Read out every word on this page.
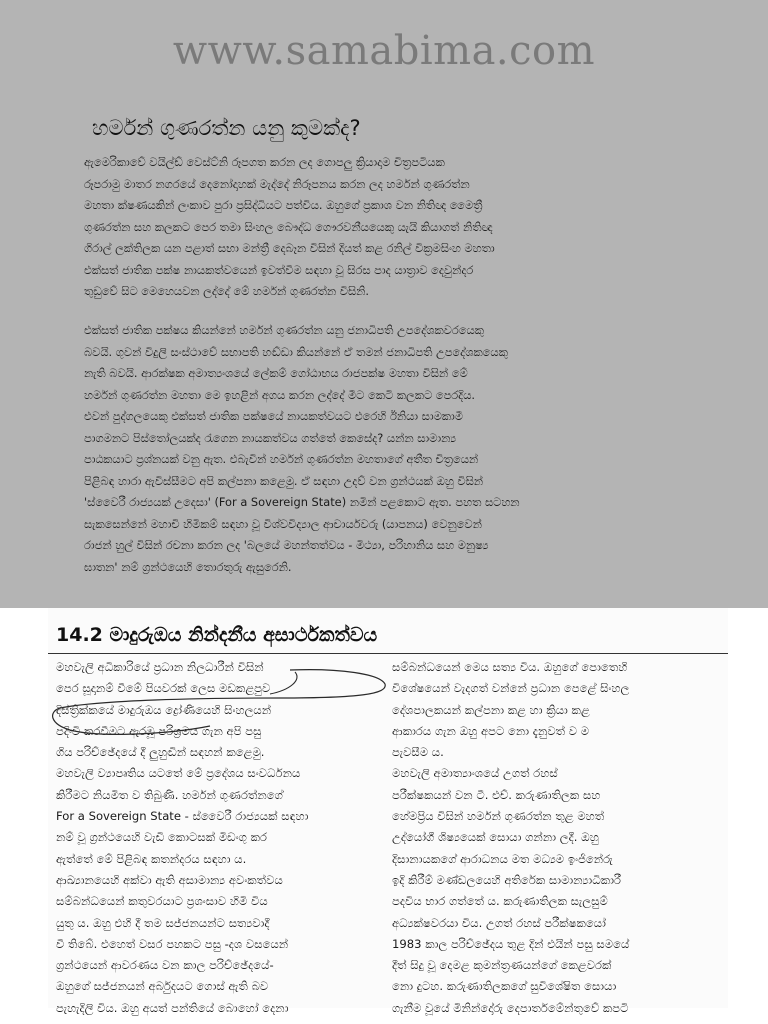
www.samabima.com
හර්මන් ගුණරත්න යනු කුමක්ද?

ඇමෙරිකාවේ වයිල්ඩ් වෙස්ට්නි රූපගත කරන ලද ගොපලු ක්‍රියාදාම චිත්‍රපටියක
රූපරාමු මාතර නගරයේ දෙනෝදාහක් මැද්දේ නිරූපනය කරන ලද හර්මන් ගුණරත්න
මහතා ක්ෂණයකින් ලංකාව පුරා ප්‍රසිද්ධියට පත්විය. ඔහුගේ ප්‍රකාශ වන නිතිඥ මෛත්‍රී
ගුණරත්න සහ කලකට පෙර තමා සිංහල බෞද්ධ ගෞරවනීයයෙකු යැයි කියාගත් නිතිඥ
ගිරාල් ලක්තිලක යන පළාත් සභා මන්ත්‍රී දෙබෑන විසින් දියත් කළ රනිල් වික්‍රමසිංහ මහතා
එක්සත් ජාතික පක්ෂ නායකත්වයෙන් ඉවත්වීම සඳහා වූ සිරස පාද යාත්‍රාව දෙවුන්දර
තුඩුවේ සිට මෙහෙයවන ලද්දේ මේ හර්මන් ගුණරත්න විසිනි.

එක්සත් ජාතික පක්ෂය කියන්නේ හර්මන් ගුණරත්න යනු ජනාධිපති උපදේශකවරයෙකු
බවයි. ගුවන් විදුලි සංස්ථාවේ සභාපති හඬ්ඩා කියන්නේ ඒ තමන් ජනාධිපති උපදේශකයෙකු
නැති බවයි. ආරක්ෂක අමාත්‍යංශයේ ලේකම් ගෝඨාභය රාජපක්ෂ මහතා විසින් මේ
හර්මන් ගුණරත්න මහතා මෙ ඉහළින් අගය කරන ලද්දේ මීට කෙටි කලකට පෙරදිය.
එවන් පුද්ගලයෙකු එක්සත් ජාතික පක්ෂයේ නායකත්වයට එරෙහි ඊනියා සාමකාමී
පාගමනට පිස්තෝලයක්ද රැගෙන නායකත්වය ගත්තේ කෙසේද? යන්න සාමාන්‍ය
පාඨකයාට ප්‍රශ්නයක් වනු ඇත. එබැවින් හර්මන් ගුණරත්න මහතාගේ අතීත චිත්‍රයෙන්
පිළිබඳ හාරා ඇවිස්සීමට අපි කල්පනා කළෙමු. ඒ සඳහා උදව් වන ග්‍රන්ථයක් ඔහු විසින්
'ස්වෛරී රාජ්‍යයක් උදෙසා' (For a Sovereign State) නමින් පළකොට ඇත. පහත සටහන
සැකසෙන්නේ මහාචි හිමිකම් සඳහා වූ විශ්වවිද්‍යාල ආචාර්යවරු (යාපනය) වෙනුවෙන්
රාජන් හුල් විසින් රචනා කරන ලද 'බලයේ මහන්තත්වය - මිථ්‍යා, පරිහානිය සහ මනුෂ්‍ය
ඝාතන' නම් ග්‍රන්ථයෙහි තොරතුරු ඇසුරෙනි.

14.2 මාදුරුඔය නින්දනීය අසාර්ථකත්වය

මහවැලි අධිකාරියේ ප්‍රධාන නිලධාරීන් විසින්
පෙර සූදානම් වීමේ පියවරක් ලෙස මඩකළපුව
දිස්ත්‍රික්කයේ මාදුරුඔය ද්‍රෝණියෙහි සිංහලයන්
පදිංචි කරවීමට ඇරඹූ පරිශ්‍රමය ගැන අපි පසු
ගිය පරිච්ඡේදයේ දී ලුහුඬින් සඳහන් කළෙමු.
මහවැලි ව්‍යාපෘතිය යටතේ මේ ප්‍රදේශය සංවර්ධනය
කිරීමට නියමිත ව තිබුණි. හර්මන් ගුණරත්නගේ
For a Sovereign State - ස්වෛරී රාජ්‍යයක් සඳහා
නම් වූ ග්‍රන්ථයෙහි වැඩි කොටසක් මිඩංගු කර
ඇත්තේ මේ පිළිබඳ කතන්දරය සඳහා ය.
ආඛ්‍යානයෙහි අක්වා ඇති අසාමාන්‍ය අවංකත්වය
සම්බන්ධයෙන් කතුවරයාට ප්‍රශංසාව හිමි විය
යුතු ය. ඔහු එහි දී තම සජ්ජනයන්ට සත්‍යවාදී
වී තිබේ. එහෙත් වසර පහකට පසු -දශ වසයෙන්
ග්‍රන්ථයෙන් ආවරණය වන කාල පරිච්ඡේදයේ-
ඔහුගේ සජ්ජනයන් අර්බුදයට ගොස් ඇති බව
පැහැදිලි විය. ඔහු අයත් පන්තියේ බොහෝ දෙනා

සම්බන්ධයෙන් මෙය සත්‍ය විය. ඔහුගේ පොතෙහි
විශේෂයෙන් වැදගත් වන්නේ ප්‍රධාන පෙළේ සිංහල
දේශපාලකයන් කල්පනා කළ හා ක්‍රියා කළ
ආකාරය ගැන ඔහු අපට නො දැනුවත් ව ම
පැවසීම ය.
මහවැලි අමාත්‍යාංශයේ උගත් රහස්
පරීක්ෂකයන් වන ටී. එච්. කරුණාතිලක සහ
හේමප්‍රිය විසින් හර්මන් ගුණරත්න තුළ මහත්
උද්යෝගී ශිෂ්‍යයෙක් සොයා ගන්නා ලදී. ඔහු
දිසානායකගේ ආරාධනය මත මධ්‍යම ඉංජිනේරු
ඉදි කිරීම් මණ්ඩලයෙහි අතිරේක සාමාන්‍යාධිකාරී
පදවිය භාර ගත්තේ ය. කරුණාතිලක සැලසුම්
අධ්‍යක්ෂවරයා විය. උගත් රහස් පරීක්ෂකයෝ
1983 කාල පරිච්ඡේදය තුළ දින් එයින් පසු සමයේ
දීත් සිදු වූ දෙමළ කුමන්ත්‍රණයන්ගේ කෙළවරක්
නො දුටහ. කරුණාතිලකගේ සුවිශේෂිත සොයා
ගැනීම වූයේ මිනින්දෝරු දෙපාර්තමේන්තුවේ කපටි
